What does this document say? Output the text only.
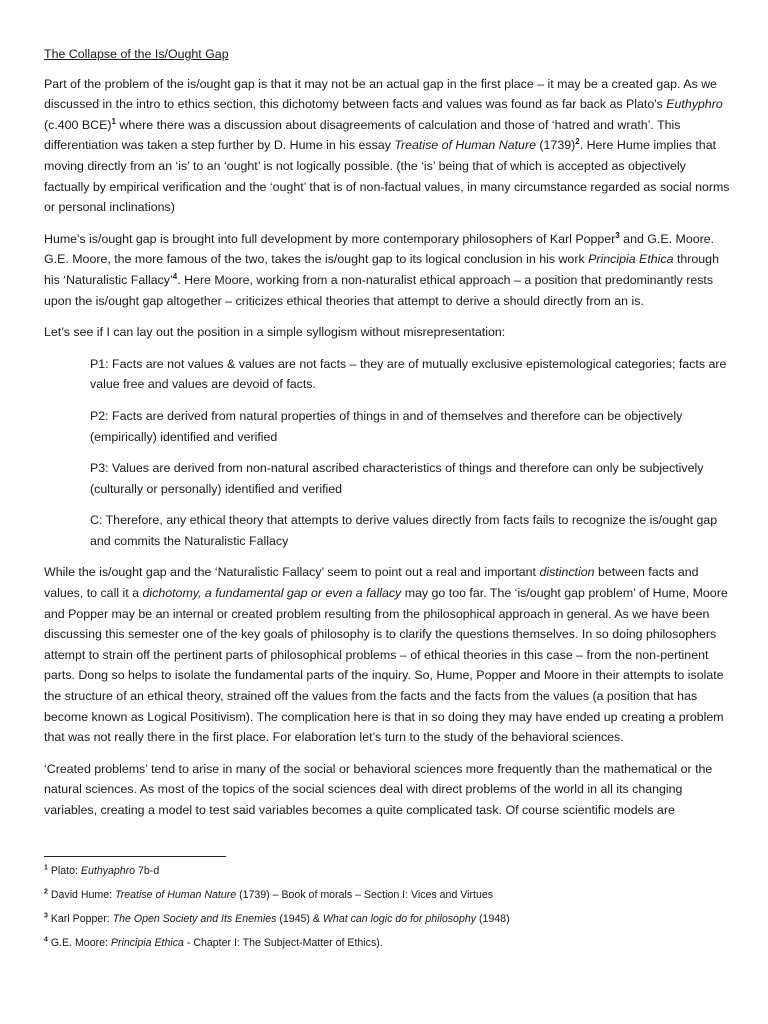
The Collapse of the Is/Ought Gap

Part of the problem of the is/ought gap is that it may not be an actual gap in the first place – it may be a created gap. As we discussed in the intro to ethics section, this dichotomy between facts and values was found as far back as Plato's Euthyphro (c.400 BCE)$^1$ where there was a discussion about disagreements of calculation and those of ‘hatred and wrath’. This differentiation was taken a step further by D. Hume in his essay Treatise of Human Nature $(1739)^2$. Here Hume implies that moving directly from an ‘is’ to an ‘ought’ is not logically possible. (the ‘is’ being that of which is accepted as objectively factually by empirical verification and the ‘ought’ that is of non-factual values, in many circumstance regarded as social norms or personal inclinations)

Hume's is/ought gap is brought into full development by more contemporary philosophers of Karl Popper$^3$ and G.E. Moore. G.E. Moore, the more famous of the two, takes the is/ought gap to its logical conclusion in his work Principia Ethica through his ‘Naturalistic Fallacy’$^4$. Here Moore, working from a non-naturalist ethical approach – a position that predominantly rests upon the is/ought gap altogether – criticizes ethical theories that attempt to derive a should directly from an is.

Let’s see if I can lay out the position in a simple syllogism without misrepresentation:

P1: Facts are not values & values are not facts – they are of mutually exclusive epistemological categories; facts are value free and values are devoid of facts.
P2: Facts are derived from natural properties of things in and of themselves and therefore can be objectively (empirically) identified and verified
P3: Values are derived from non-natural ascribed characteristics of things and therefore can only be subjectively (culturally or personally) identified and verified
C: Therefore, any ethical theory that attempts to derive values directly from facts fails to recognize the is/ought gap and commits the Naturalistic Fallacy

While the is/ought gap and the ‘Naturalistic Fallacy’ seem to point out a real and important distinction between facts and values, to call it a dichotomy, a fundamental gap or even a fallacy may go too far. The ‘is/ought gap problem’ of Hume, Moore and Popper may be an internal or created problem resulting from the philosophical approach in general. As we have been discussing this semester one of the key goals of philosophy is to clarify the questions themselves. In so doing philosophers attempt to strain off the pertinent parts of philosophical problems – of ethical theories in this case – from the non-pertinent parts. Dong so helps to isolate the fundamental parts of the inquiry. So, Hume, Popper and Moore in their attempts to isolate the structure of an ethical theory, strained off the values from the facts and the facts from the values (a position that has become known as Logical Positivism). The complication here is that in so doing they may have ended up creating a problem that was not really there in the first place. For elaboration let’s turn to the study of the behavioral sciences.

‘Created problems’ tend to arise in many of the social or behavioral sciences more frequently than the mathematical or the natural sciences. As most of the topics of the social sciences deal with direct problems of the world in all its changing variables, creating a model to test said variables becomes a quite complicated task. Of course scientific models are

$^1$ Plato: Euthyaphro 7b-d
$^2$ David Hume: Treatise of Human Nature (1739) – Book of morals – Section I: Vices and Virtues
$^3$ Karl Popper: The Open Society and Its Enemies (1945) & What can logic do for philosophy (1948)
$^4$ G.E. Moore: Principia Ethica - Chapter I: The Subject-Matter of Ethics).
